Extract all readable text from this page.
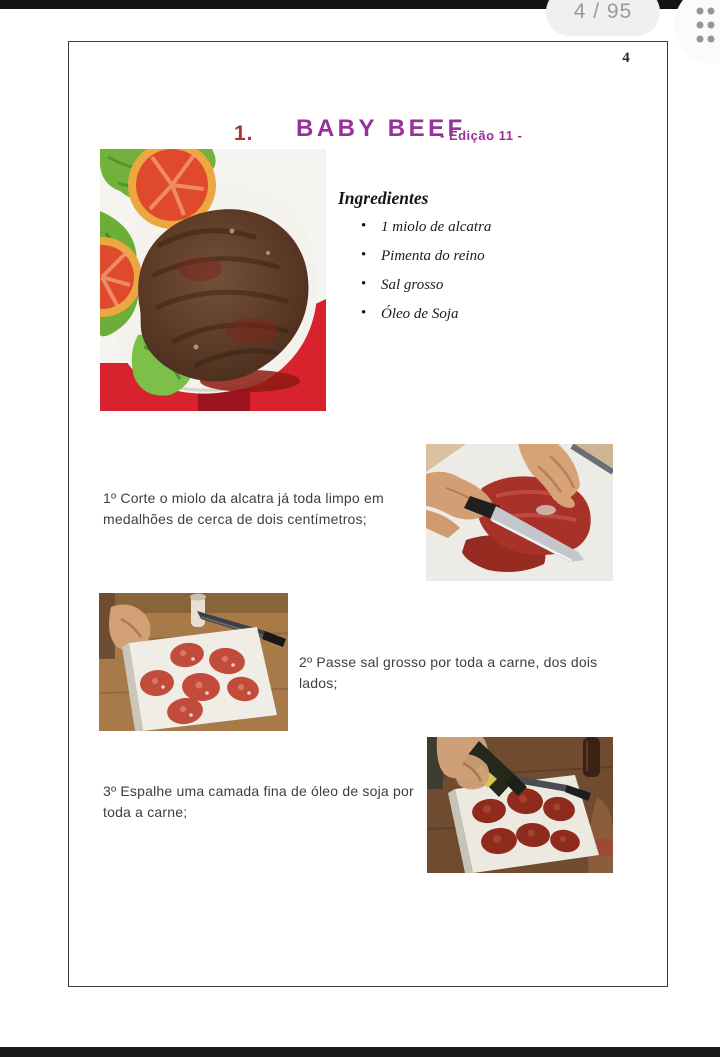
4 / 95
4
1. BABY BEEF
- Edição 11 -
Ingredientes
• 1 miolo de alcatra
• Pimenta do reino
• Sal grosso
• Óleo de Soja
1º Corte o miolo da alcatra já toda limpo em medalhões de cerca de dois centímetros;
2º Passe sal grosso por toda a carne, dos dois lados;
3º Espalhe uma camada fina de óleo de soja por toda a carne;
